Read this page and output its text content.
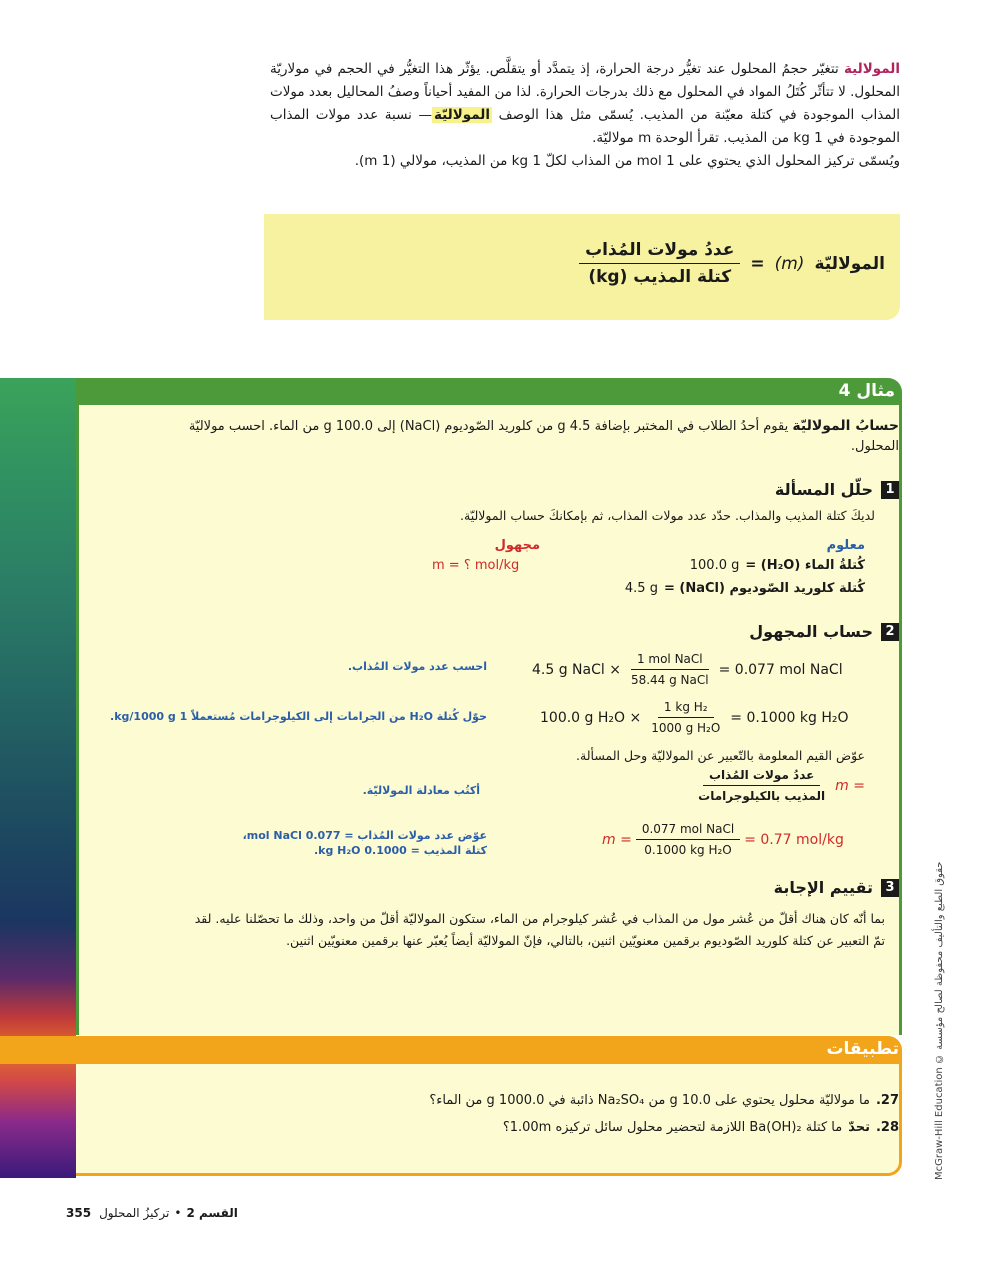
المولالية تتغيّر حجمُ المحلول عند تغيُّر درجة الحرارة، إذ يتمدَّد أو يتقلَّص. يؤثّر هذا التغيُّر في الحجم في مولاريّة المحلول. لا تتأثّر كُتَلُ المواد في المحلول مع ذلك بدرجات الحرارة. لذا من المفيد أحياناً وصفُ المحاليل بعدد مولات المذاب الموجودة في كتلة معيّنة من المذيب. يُسمّى مثل هذا الوصف المولاليّة— نسبة عدد مولات المذاب الموجودة في 1 kg من المذيب. تقرأ الوحدة m مولاليّة.

ويُسمّى تركيز المحلول الذي يحتوي على 1 mol من المذاب لكلّ 1 kg من المذيب، مولالي (1 m).

المولاليّة
(m)
=
$\frac{\text{عددُ مولات المُذاب}}{\text{كتلة المذيب (kg)}}$
مثال 4
حسابُ المولاليّة يقوم أحدُ الطلاب في المختبر بإضافة 4.5 g من كلوريد الصّوديوم (NaCl) إلى 100.0 g من الماء. احسب مولاليّة المحلول.
1
حلّل المسألة
لديكَ كتلة المذيب والمذاب. حدّد عدد مولات المذاب، ثم بإمكانكَ حساب المولاليّة.
معلوم
مجهول
كُتلةُ الماء (H₂O) =
100.0 g
كُتلة كلوريد الصّوديوم (NaCl) =
4.5 g
m = ؟ mol/kg
2
حساب المجهول
4.5 g NaCl × $\frac{\text{1 mol NaCl}}{\text{58.44 g NaCl}} = 0.077$ mol NaCl
احسب عدد مولات المُذاب.
100.0 g $H_2O \times \frac{\text{1 kg H₂}}{\text{1000 g H₂O}} = 0.1000$ kg H₂O
حوّل كُتلة H₂O من الجرامات إلى الكيلوجرامات مُستعملاً 1 kg/1000 g.
عوّض القيم المعلومة بالتّعبير عن المولاليّة وحل المسألة.
m =
$\frac{\text{عددُ مولات المُذاب}}{\text{المذيب بالكيلوجرامات}}$
أكتُب معادلة المولاليّة.
$m = \frac{\text{0.077 mol NaCl}}{\text{0.1000 kg H₂O}} = 0.77$ mol/kg
عوّض عدد مولات المُذاب = 0.077 mol NaCl،
كتلة المذيب = 0.1000 kg H₂O.
3
تقييم الإجابة
بما أنّه كان هناك أقلّ من عُشر مول من المذاب في عُشر كيلوجرام من الماء، ستكون المولاليّة أقلّ من واحد، وذلك ما تحصّلنا عليه. لقد تمّ التعبير عن كتلة كلوريد الصّوديوم برقمين معنويّين اثنين، بالتالي، فإنّ المولاليّة أيضاً يُعبّر عنها برقمين معنويّين اثنين.
تطبيقات
27.
ما مولاليّة محلول يحتوي على 10.0 g من Na₂SO₄ ذائبة في 1000.0 g من الماء؟
28.
تحدّ
ما كتلة Ba(OH)₂ اللازمة لتحضير محلول سائل تركيزه 1.00m؟	McGraw-Hill Education © حقوق الطبع والتأليف محفوظة لصالح مؤسسة
355	القسم 2
•
تركيزُ المحلول
